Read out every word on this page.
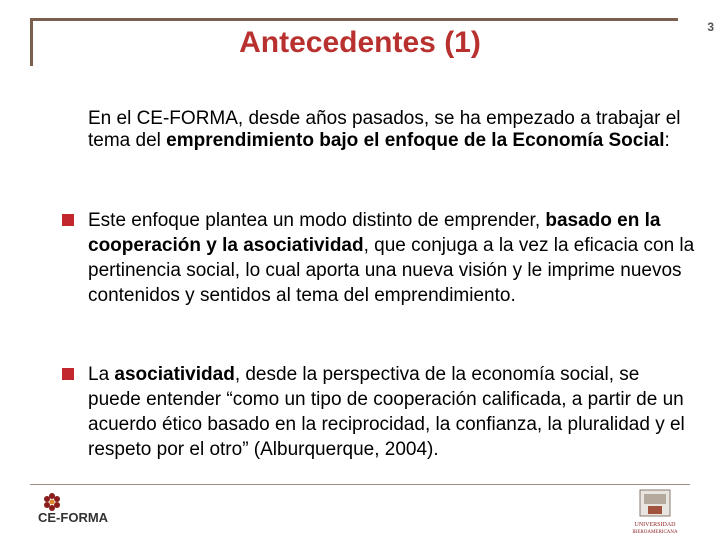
Antecedentes (1)	3
En el CE-FORMA, desde años pasados, se ha empezado a trabajar el tema del emprendimiento bajo el enfoque de la Economía Social:
Este enfoque plantea un modo distinto de emprender, basado en la cooperación y la asociatividad, que conjuga a la vez la eficacia con la pertinencia social, lo cual aporta una nueva visión y le imprime nuevos contenidos y sentidos al tema del emprendimiento.
La asociatividad, desde la perspectiva de la economía social, se puede entender “como un tipo de cooperación calificada, a partir de un acuerdo ético basado en la reciprocidad, la confianza, la pluralidad y el respeto por el otro” (Alburquerque, 2004).
CE-FORMA	UNIVERSIDAD
IBEROAMERICANA
